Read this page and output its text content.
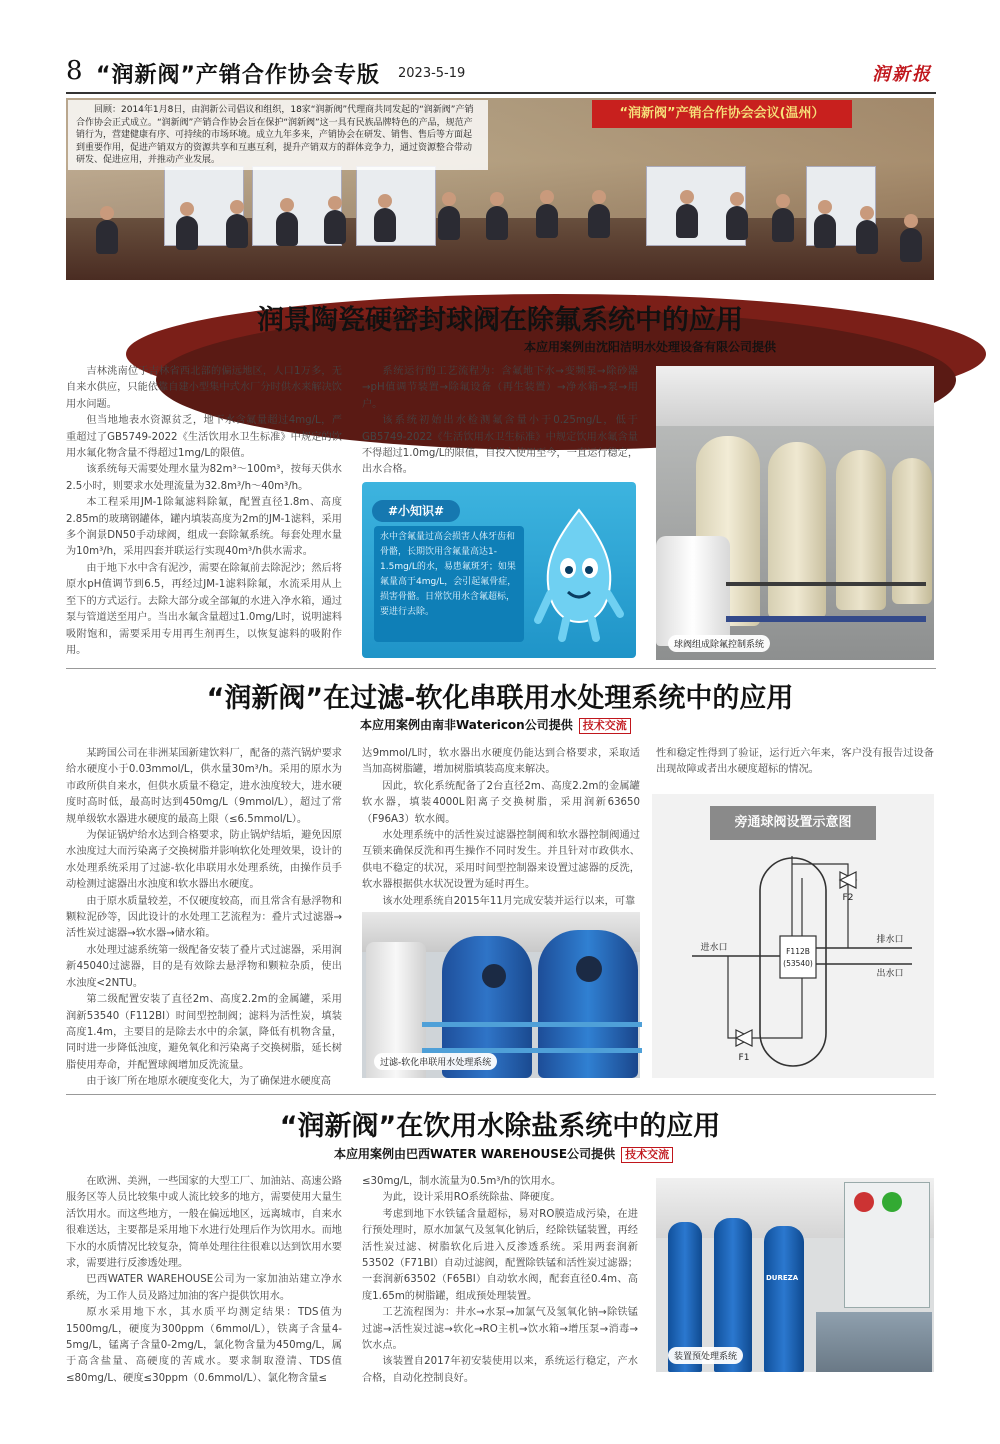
8 “润新阀”产销合作协会专版 2023-5-19	润新报
“润新阀”产销合作协会会议(温州）
回顾：2014年1月8日，由润新公司倡议和组织，18家“润新阀”代理商共同发起的“润新阀”产销合作协会正式成立。“润新阀”产销合作协会旨在保护“润新阀”这一具有民族品牌特色的产品，规范产销行为，营建健康有序、可持续的市场环境。成立九年多来，产销协会在研发、销售、售后等方面起到重要作用，促进产销双方的资源共享和互惠互利，提升产销双方的群体竞争力，通过资源整合带动研发、促进应用，并推动产业发展。
润景陶瓷硬密封球阀在除氟系统中的应用
本应用案例由沈阳洁明水处理设备有限公司提供

吉林洮南位于吉林省西北部的偏远地区，人口1万多，无自来水供应，只能依靠自建小型集中式水厂分时供水来解决饮用水问题。

但当地地表水资源贫乏，地下水含氟量超过4mg/L，严重超过了GB5749-2022《生活饮用水卫生标准》中规定的饮用水氟化物含量不得超过1mg/L的限值。

该系统每天需要处理水量为82m³～100m³，按每天供水2.5小时，则要求水处理流量为32.8m³/h～40m³/h。

本工程采用JM-1除氟滤料除氟，配置直径1.8m、高度2.85m的玻璃钢罐体，罐内填装高度为2m的JM-1滤料，采用多个润景DN50手动球阀，组成一套除氟系统。每套处理水量为10m³/h，采用四套并联运行实现40m³/h供水需求。

由于地下水中含有泥沙，需要在除氟前去除泥沙；然后将原水pH值调节到6.5，再经过JM-1滤料除氟，水流采用从上至下的方式运行。去除大部分或全部氟的水进入净水箱，通过泵与管道送至用户。当出水氟含量超过1.0mg/L时，说明滤料吸附饱和，需要采用专用再生剂再生，以恢复滤料的吸附作用。

系统运行的工艺流程为：含氟地下水→变频泵→除砂器→pH值调节装置→除氟设备（再生装置）→净水箱→泵→用户。

该系统初始出水检测氟含量小于0.25mg/L，低于GB5749-2022《生活饮用水卫生标准》中规定饮用水氟含量不得超过1.0mg/L的限值，自投入使用至今，一直运行稳定，出水合格。

#小知识#
水中含氟量过高会损害人体牙齿和骨骼，长期饮用含氟量高达1-1.5mg/L的水，易患氟斑牙；如果氟量高于4mg/L，会引起氟骨症，损害骨骼。日常饮用水含氟超标，要进行去除。
球阀组成除氟控制系统
“润新阀”在过滤-软化串联用水处理系统中的应用
本应用案例由南非Watericon公司提供 技术交流

某跨国公司在非洲某国新建饮料厂，配备的蒸汽锅炉要求给水硬度小于0.03mmol/L，供水量30m³/h。采用的原水为市政所供自来水，但供水质量不稳定，进水浊度较大，进水硬度时高时低，最高时达到450mg/L（9mmol/L），超过了常规单级软水器进水硬度的最高上限（≤6.5mmol/L）。

为保证锅炉给水达到合格要求，防止锅炉结垢，避免因原水浊度过大而污染离子交换树脂并影响软化处理效果，设计的水处理系统采用了过滤-软化串联用水处理系统，由操作员手动检测过滤器出水浊度和软水器出水硬度。

由于原水质量较差，不仅硬度较高，而且常含有悬浮物和颗粒泥砂等，因此设计的水处理工艺流程为：叠片式过滤器→活性炭过滤器→软水器→储水箱。

水处理过滤系统第一级配备安装了叠片式过滤器，采用润新45040过滤器，目的是有效除去悬浮物和颗粒杂质，使出水浊度<2NTU。

第二级配置安装了直径2m、高度2.2m的金属罐，采用润新53540（F112BI）时间型控制阀；滤料为活性炭，填装高度1.4m，主要目的是除去水中的余氯，降低有机物含量，同时进一步降低浊度，避免氧化和污染离子交换树脂，延长树脂使用寿命，并配置球阀增加反洗流量。

由于该厂所在地原水硬度变化大，为了确保进水硬度高

达9mmol/L时，软水器出水硬度仍能达到合格要求，采取适当加高树脂罐，增加树脂填装高度来解决。

因此，软化系统配备了2台直径2m、高度2.2m的金属罐软水器，填装4000L阳离子交换树脂，采用润新63650（F96A3）软水阀。

水处理系统中的活性炭过滤器控制阀和软水器控制阀通过互锁来确保反洗和再生操作不同时发生。并且针对市政供水、供电不稳定的状况，采用时间型控制器来设置过滤器的反洗，软水器根据供水状况设置为延时再生。

该水处理系统自2015年11月完成安装并运行以来，可靠

性和稳定性得到了验证，运行近六年来，客户没有报告过设备出现故障或者出水硬度超标的情况。

过滤-软化串联用水处理系统
旁通球阀设置示意图
F112B
(53540)
F2
F1
进水口
排水口
出水口
“润新阀”在饮用水除盐系统中的应用
本应用案例由巴西WATER WAREHOUSE公司提供 技术交流

在欧洲、美洲，一些国家的大型工厂、加油站、高速公路服务区等人员比较集中或人流比较多的地方，需要使用大量生活饮用水。而这些地方，一般在偏远地区，远离城市，自来水很难送达，主要都是采用地下水进行处理后作为饮用水。而地下水的水质情况比较复杂，简单处理往往很难以达到饮用水要求，需要进行反渗透处理。

巴西WATER WAREHOUSE公司为一家加油站建立净水系统，为工作人员及路过加油的客户提供饮用水。

原水采用地下水，其水质平均测定结果：TDS值为1500mg/L，硬度为300ppm（6mmol/L），铁离子含量4-5mg/L，锰离子含量0-2mg/L，氯化物含量为450mg/L，属于高含盐量、高硬度的苦咸水。要求制取澄清、TDS值≤80mg/L、硬度≤30ppm（0.6mmol/L）、氯化物含量≤

≤30mg/L，制水流量为0.5m³/h的饮用水。

为此，设计采用RO系统除盐、降硬度。

考虑到地下水铁锰含量超标，易对RO膜造成污染，在进行预处理时，原水加氯气及氢氧化钠后，经除铁锰装置，再经活性炭过滤、树脂软化后进入反渗透系统。采用两套润新53502（F71BI）自动过滤阀，配置除铁锰和活性炭过滤器；一套润新63502（F65BI）自动软水阀，配套直径0.4m、高度1.65m的树脂罐，组成预处理装置。

工艺流程图为：井水→水泵→加氯气及氢氧化钠→除铁锰过滤→活性炭过滤→软化→RO主机→饮水箱→增压泵→消毒→饮水点。

该装置自2017年初安装使用以来，系统运行稳定，产水合格，自动化控制良好。

DUREZA
装置预处理系统
